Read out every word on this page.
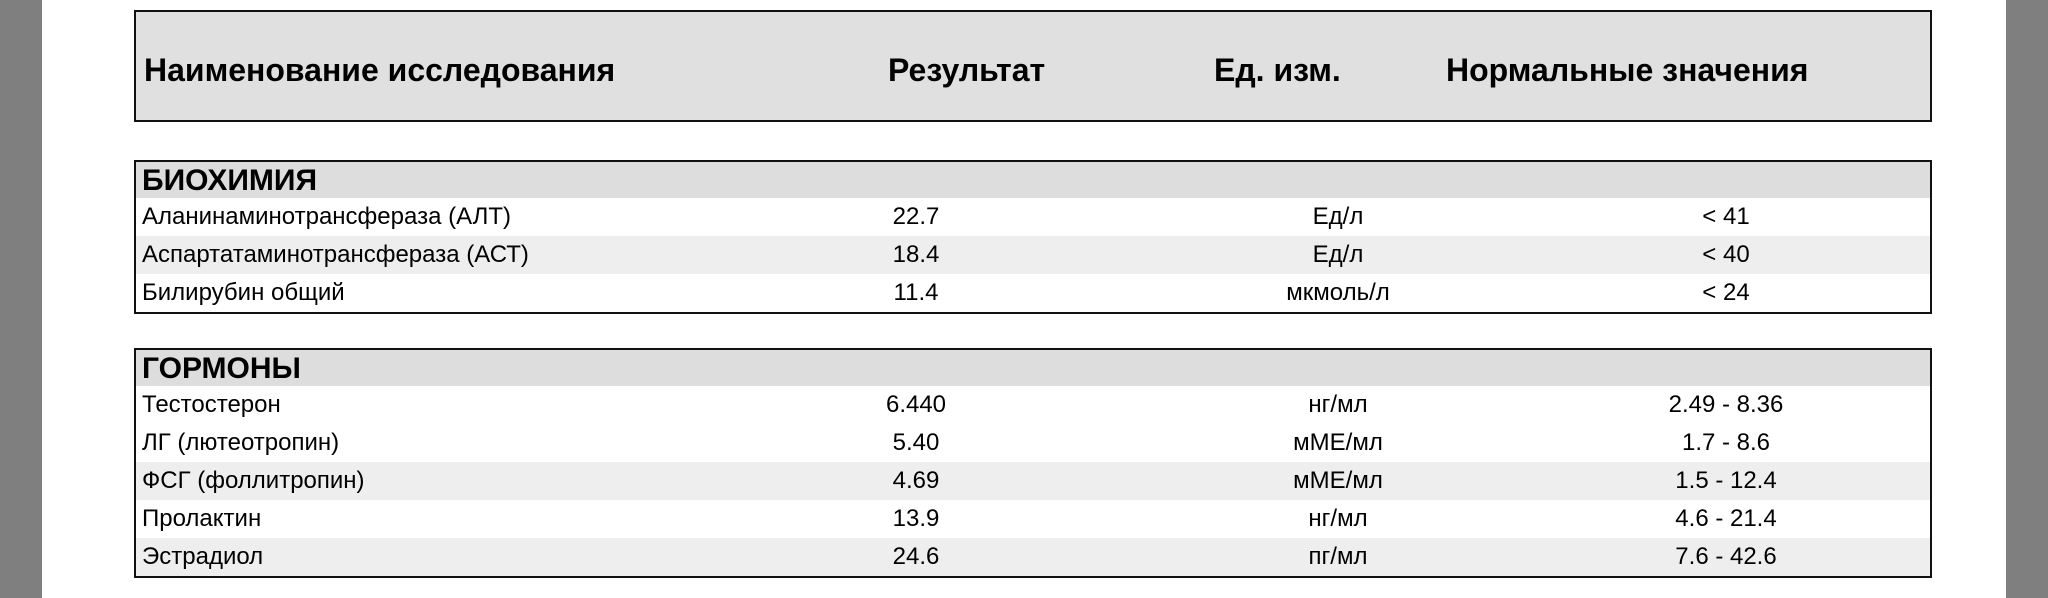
Наименование исследования	Результат	Ед. изм.	Нормальные значения
БИОХИМИЯ
Аланинаминотрансфераза (АЛТ)	22.7	Ед/л	< 41
Аспартатаминотрансфераза (АСТ)	18.4	Ед/л	< 40
Билирубин общий	11.4	мкмоль/л	< 24
ГОРМОНЫ
Тестостерон	6.440	нг/мл	2.49 - 8.36
ЛГ (лютеотропин)	5.40	мМЕ/мл	1.7 - 8.6
ФСГ (фоллитропин)	4.69	мМЕ/мл	1.5 - 12.4
Пролактин	13.9	нг/мл	4.6 - 21.4
Эстрадиол	24.6	пг/мл	7.6 - 42.6
